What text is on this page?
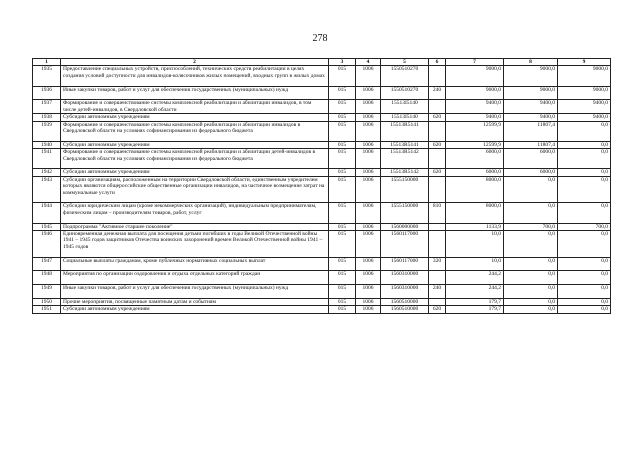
278
1	2	3	4	5	6	7	8	9
1935	Предоставление специальных устройств, приспособлений, технических средств реабилитации в целях создания условий доступности для инвалидов-колясочников жилых помещений, входных групп в жилых домах	015	1006	1550510270		9000,0	9000,0	9000,0
1936	Иные закупки товаров, работ и услуг для обеспечения государственных (муниципальных) нужд	015	1006	1550510270	240	9000,0	9000,0	9000,0
1937	Формирование и совершенствование системы комплексной реабилитации и абилитации инвалидов, в том числе детей-инвалидов, в Свердловской области	015	1006	15513I5140		9400,0	9400,0	9400,0
1938	Субсидии автономным учреждениям	015	1006	15513I5140	620	9400,0	9400,0	9400,0
1939	Формирование и совершенствование системы комплексной реабилитации и абилитации инвалидов в Свердловской области на условиях софинансирования из федерального бюджета	015	1006	15513R5141		12599,9	11807,4	0,0
1940	Субсидии автономным учреждениям	015	1006	15513R5141	620	12599,9	11807,4	0,0
1941	Формирование и совершенствование системы комплексной реабилитации и абилитации детей-инвалидов в Свердловской области на условиях софинансирования из федерального бюджета	015	1006	15513R5142		6000,0	6000,0	0,0
1942	Субсидии автономным учреждениям	015	1006	15513R5142	620	6000,0	6000,0	0,0
1943	Субсидии организациям, расположенным на территории Свердловской области, единственным учредителем которых являются общероссийские общественные организации инвалидов, на частичное возмещение затрат на коммунальные услуги	015	1006	1555150000		8000,0	0,0	0,0
1944	Субсидии юридическим лицам (кроме некоммерческих организаций), индивидуальным предпринимателям, физическим лицам – производителям товаров, работ, услуг	015	1006	1555150000	810	8000,0	0,0	0,0
1945	Подпрограмма "Активное старшее поколение"	015	1006	1560000000		1133,9	700,0	700,0
1946	Единовременная денежная выплата для посещения детьми погибших в годы Великой Отечественной войны 1941 – 1945 годов защитников Отечества воинских захоронений времен Великой Отечественной войны 1941 – 1945 годов	015	1006	1560117000		10,0	0,0	0,0
1947	Социальные выплаты гражданам, кроме публичных нормативных социальных выплат	015	1006	1560117000	320	10,0	0,0	0,0
1948	Мероприятия по организации оздоровления и отдыха отдельных категорий граждан	015	1006	1560310000		244,2	0,0	0,0
1949	Иные закупки товаров, работ и услуг для обеспечения государственных (муниципальных) нужд	015	1006	1560310000	240	244,2	0,0	0,0
1950	Прочие мероприятия, посвященные памятным датам и событиям	015	1006	1560510000		179,7	0,0	0,0
1951	Субсидии автономным учреждениям	015	1006	1560510000	620	179,7	0,0	0,0
